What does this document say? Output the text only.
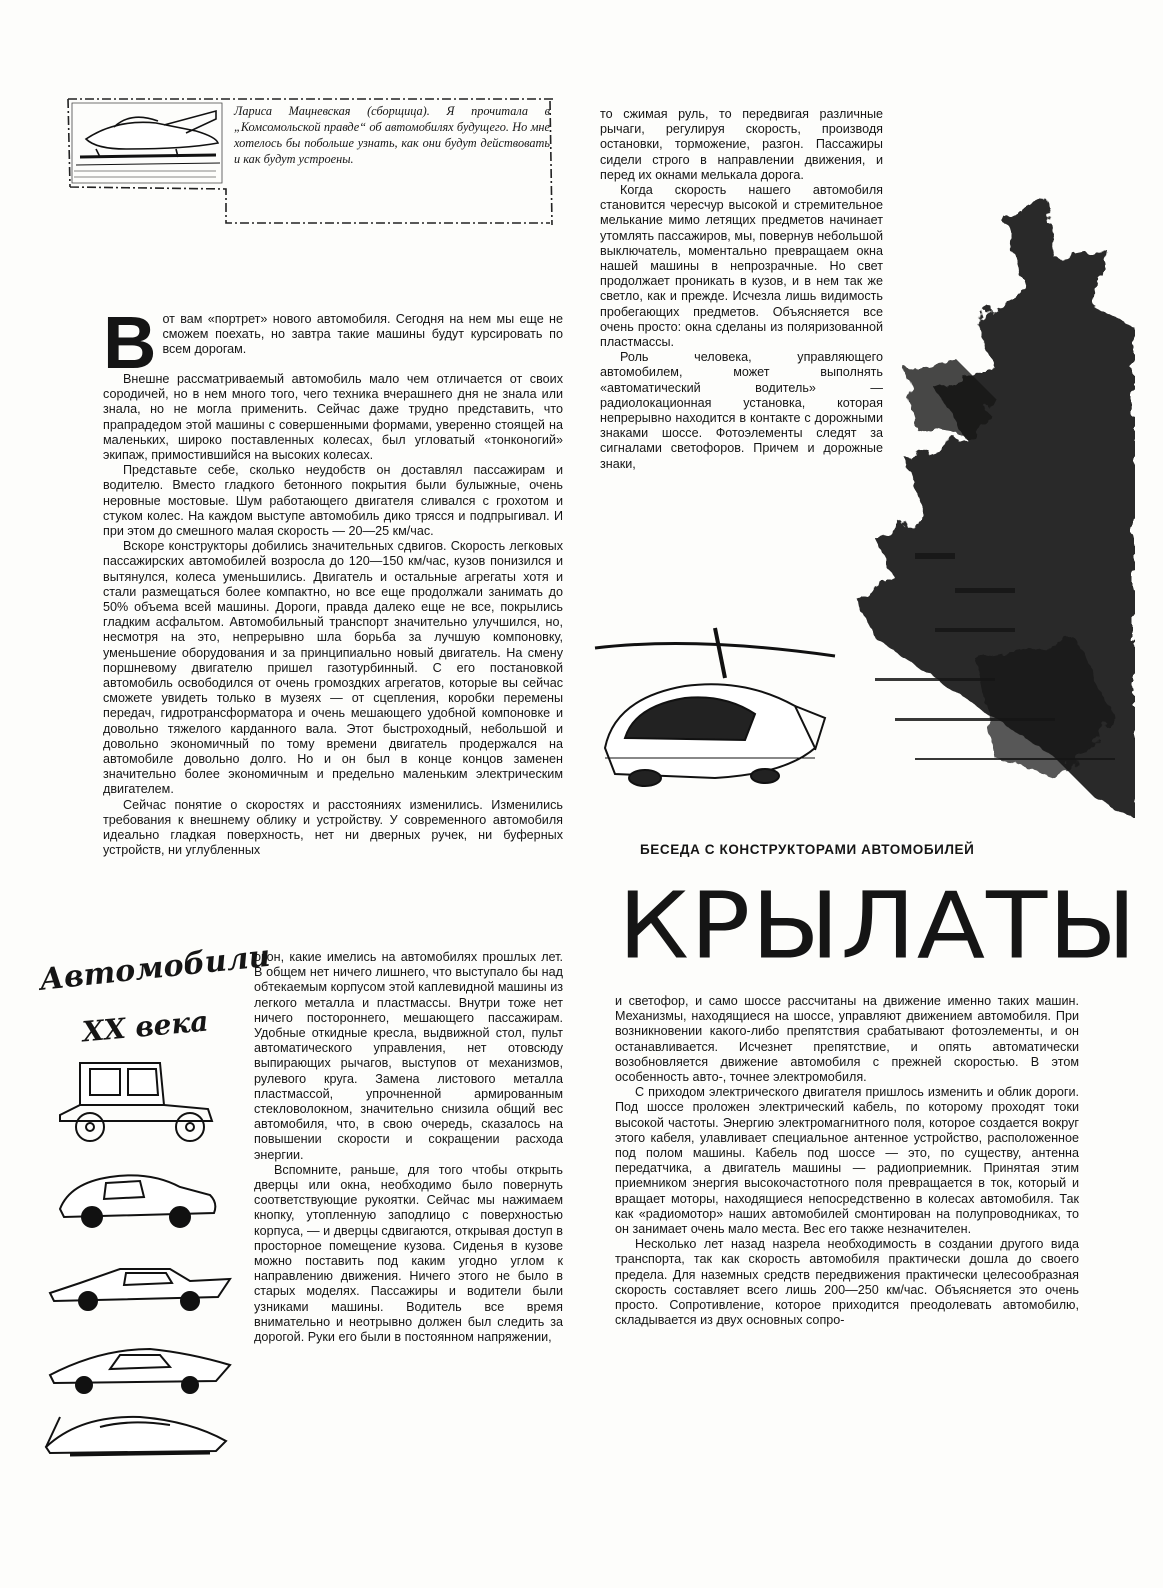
Лариса Мацневская (сборщица). Я прочитала в „Комсомольской правде“ об автомобилях будущего. Но мне хотелось бы побольше узнать, как они будут действовать и как будут устроены.

Вот вам «портрет» нового автомобиля. Сегодня на нем мы еще не сможем поехать, но завтра такие машины будут курсировать по всем дорогам.

Внешне рассматриваемый автомобиль мало чем отличается от своих сородичей, но в нем много того, чего техника вчерашнего дня не знала или знала, но не могла применить. Сейчас даже трудно представить, что прапрадедом этой машины с совершенными формами, уверенно стоящей на маленьких, широко поставленных колесах, был угловатый «тонконогий» экипаж, примостившийся на высоких колесах.

Представьте себе, сколько неудобств он доставлял пассажирам и водителю. Вместо гладкого бетонного покрытия были булыжные, очень неровные мостовые. Шум работающего двигателя сливался с грохотом и стуком колес. На каждом выступе автомобиль дико трясся и подпрыгивал. И при этом до смешного малая скорость — 20—25 км/час.

Вскоре конструкторы добились значительных сдвигов. Скорость легковых пассажирских автомобилей возросла до 120—150 км/час, кузов понизился и вытянулся, колеса уменьшились. Двигатель и остальные агрегаты хотя и стали размещаться более компактно, но все еще продолжали занимать до 50% объема всей машины. Дороги, правда далеко еще не все, покрылись гладким асфальтом. Автомобильный транспорт значительно улучшился, но, несмотря на это, непрерывно шла борьба за лучшую компоновку, уменьшение оборудования и за принципиально новый двигатель. На смену поршневому двигателю пришел газотурбинный. С его постановкой автомобиль освободился от очень громоздких агрегатов, которые вы сейчас сможете увидеть только в музеях — от сцепления, коробки перемены передач, гидротрансформатора и очень мешающего удобной компоновке и довольно тяжелого карданного вала. Этот быстроходный, небольшой и довольно экономичный по тому времени двигатель продержался на автомобиле довольно долго. Но и он был в конце концов заменен значительно более экономичным и предельно маленьким электрическим двигателем.

Сейчас понятие о скоростях и расстояниях изменились. Изменились требования к внешнему облику и устройству. У современного автомобиля идеально гладкая поверхность, нет ни дверных ручек, ни буферных устройств, ни углубленных

окон, какие имелись на автомобилях прошлых лет. В общем нет ничего лишнего, что выступало бы над обтекаемым корпусом этой каплевидной машины из легкого металла и пластмассы. Внутри тоже нет ничего постороннего, мешающего пассажирам. Удобные откидные кресла, выдвижной стол, пульт автоматического управления, нет отовсюду выпирающих рычагов, выступов от механизмов, рулевого круга. Замена листового металла пластмассой, упрочненной армированным стекловолокном, значительно снизила общий вес автомобиля, что, в свою очередь, сказалось на повышении скорости и сокращении расхода энергии.

Вспомните, раньше, для того чтобы открыть дверцы или окна, необходимо было повернуть соответствующие рукоятки. Сейчас мы нажимаем кнопку, утопленную заподлицо с поверхностью корпуса, — и дверцы сдвигаются, открывая доступ в просторное помещение кузова. Сиденья в кузове можно поставить под каким угодно углом к направлению движения. Ничего этого не было в старых моделях. Пассажиры и водители были узниками машины. Водитель все время внимательно и неотрывно должен был следить за дорогой. Руки его были в постоянном напряжении,

Автомобили
XX века

то сжимая руль, то передвигая различные рычаги, регулируя скорость, производя остановки, торможение, разгон. Пассажиры сидели строго в направлении движения, и перед их окнами мелькала дорога.

Когда скорость нашего автомобиля становится чересчур высокой и стремительное мелькание мимо летящих предметов начинает утомлять пассажиров, мы, повернув небольшой выключатель, моментально превращаем окна нашей машины в непрозрачные. Но свет продолжает проникать в кузов, и в нем так же светло, как и прежде. Исчезла лишь видимость пробегающих предметов. Объясняется все очень просто: окна сделаны из поляризованной пластмассы.

Роль человека, управляющего автомобилем, может выполнять «автоматический водитель» — радиолокационная установка, которая непрерывно находится в контакте с дорожными знаками шоссе. Фотоэлементы следят за сигналами светофоров. Причем и дорожные знаки,

БЕСЕДА С КОНСТРУКТОРАМИ АВТОМОБИЛЕЙ
КРЫЛАТЫ

и светофор, и само шоссе рассчитаны на движение именно таких машин. Механизмы, находящиеся на шоссе, управляют движением автомобиля. При возникновении какого-либо препятствия срабатывают фотоэлементы, и он останавливается. Исчезнет препятствие, и опять автоматически возобновляется движение автомобиля с прежней скоростью. В этом особенность авто-, точнее электромобиля.

С приходом электрического двигателя пришлось изменить и облик дороги. Под шоссе проложен электрический кабель, по которому проходят токи высокой частоты. Энергию электромагнитного поля, которое создается вокруг этого кабеля, улавливает специальное антенное устройство, расположенное под полом машины. Кабель под шоссе — это, по существу, антенна передатчика, а двигатель машины — радиоприемник. Принятая этим приемником энергия высокочастотного поля превращается в ток, который и вращает моторы, находящиеся непосредственно в колесах автомобиля. Так как «радиомотор» наших автомобилей смонтирован на полупроводниках, то он занимает очень мало места. Вес его также незначителен.

Несколько лет назад назрела необходимость в создании другого вида транспорта, так как скорость автомобиля практически дошла до своего предела. Для наземных средств передвижения практически целесообразная скорость составляет всего лишь 200—250 км/час. Объясняется это очень просто. Сопротивление, которое приходится преодолевать автомобилю, складывается из двух основных сопро-
